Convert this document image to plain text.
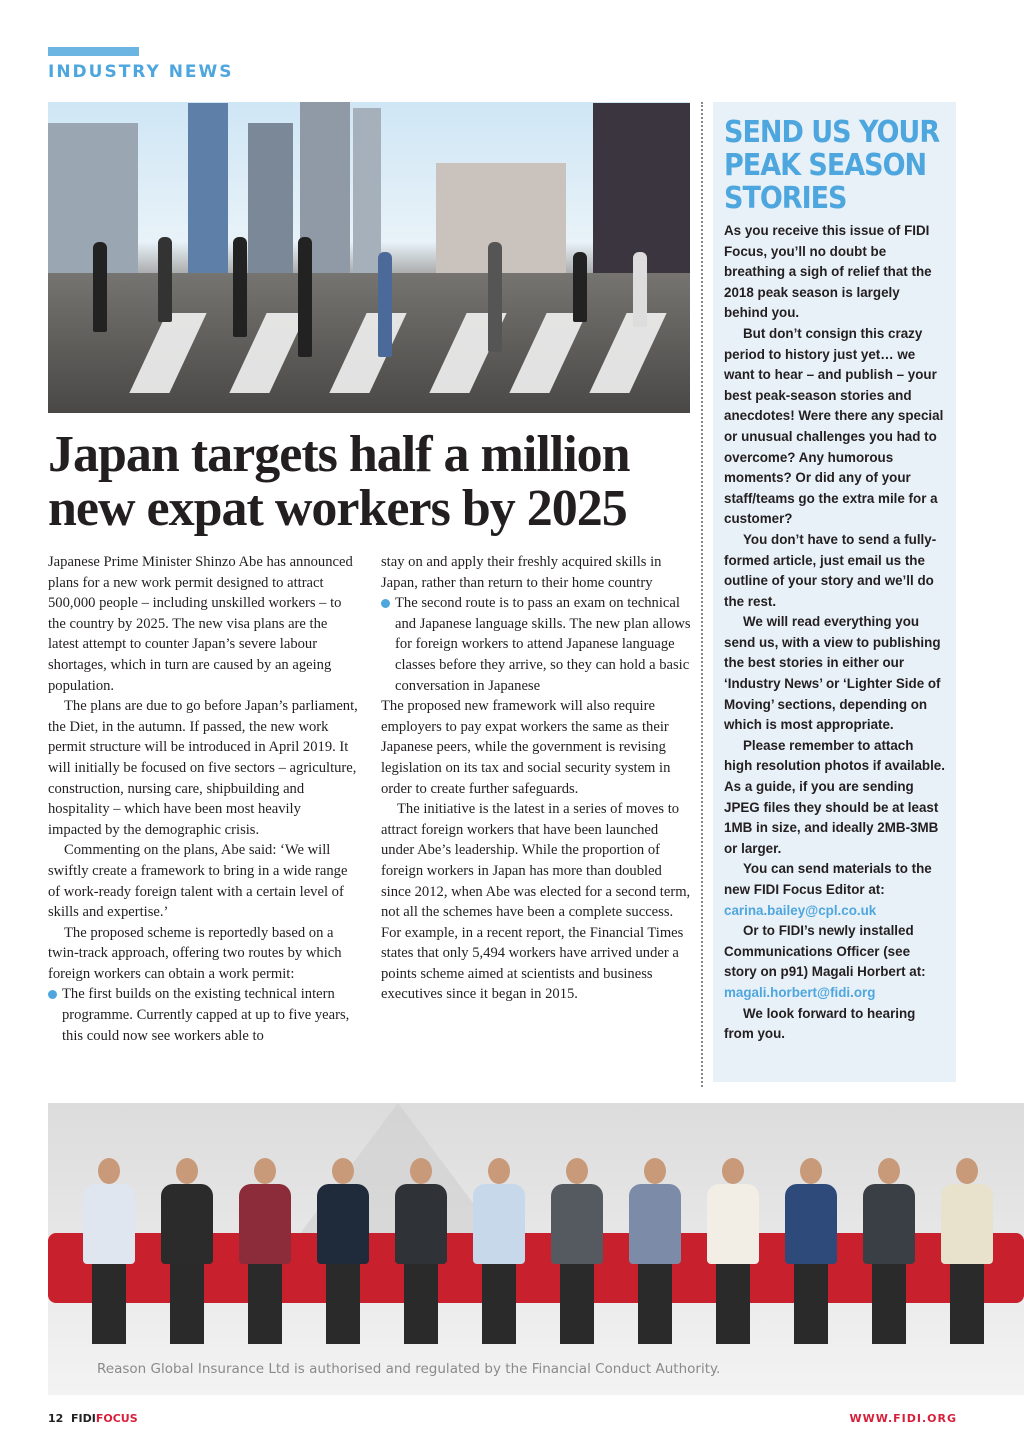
INDUSTRY NEWS
Japan targets half a million new expat workers by 2025

Japanese Prime Minister Shinzo Abe has announced plans for a new work permit designed to attract 500,000 people – including unskilled workers – to the country by 2025. The new visa plans are the latest attempt to counter Japan’s severe labour shortages, which in turn are caused by an ageing population.

The plans are due to go before Japan’s parliament, the Diet, in the autumn. If passed, the new work permit structure will be introduced in April 2019. It will initially be focused on five sectors – agriculture, construction, nursing care, shipbuilding and hospitality – which have been most heavily impacted by the demographic crisis.

Commenting on the plans, Abe said: ‘We will swiftly create a framework to bring in a wide range of work-ready foreign talent with a certain level of skills and expertise.’

The proposed scheme is reportedly based on a twin-track approach, offering two routes by which foreign workers can obtain a work permit:

The first builds on the existing technical intern programme. Currently capped at up to five years, this could now see workers able to

stay on and apply their freshly acquired skills in Japan, rather than return to their home country

The second route is to pass an exam on technical and Japanese language skills. The new plan allows for foreign workers to attend Japanese language classes before they arrive, so they can hold a basic conversation in Japanese

The proposed new framework will also require employers to pay expat workers the same as their Japanese peers, while the government is revising legislation on its tax and social security system in order to create further safeguards.

The initiative is the latest in a series of moves to attract foreign workers that have been launched under Abe’s leadership. While the proportion of foreign workers in Japan has more than doubled since 2012, when Abe was elected for a second term, not all the schemes have been a complete success. For example, in a recent report, the Financial Times states that only 5,494 workers have arrived under a points scheme aimed at scientists and business executives since it began in 2015.

SEND US YOUR PEAK SEASON STORIES

As you receive this issue of FIDI Focus, you’ll no doubt be breathing a sigh of relief that the 2018 peak season is largely behind you.

But don’t consign this crazy period to history just yet… we want to hear – and publish – your best peak-season stories and anecdotes! Were there any special or unusual challenges you had to overcome? Any humorous moments? Or did any of your staff/teams go the extra mile for a customer?

You don’t have to send a fully-formed article, just email us the outline of your story and we’ll do the rest.

We will read everything you send us, with a view to publishing the best stories in either our ‘Industry News’ or ‘Lighter Side of Moving’ sections, depending on which is most appropriate.

Please remember to attach high resolution photos if available. As a guide, if you are sending JPEG files they should be at least 1MB in size, and ideally 2MB-3MB or larger.

You can send materials to the new FIDI Focus Editor at:

carina.bailey@cpl.co.uk

Or to FIDI’s newly installed Communications Officer (see story on p91) Magali Horbert at:

magali.horbert@fidi.org

We look forward to hearing from you.

Reason Global Insurance Ltd is authorised and regulated by the Financial Conduct Authority.
12 FIDIFOCUS	WWW.FIDI.ORG
